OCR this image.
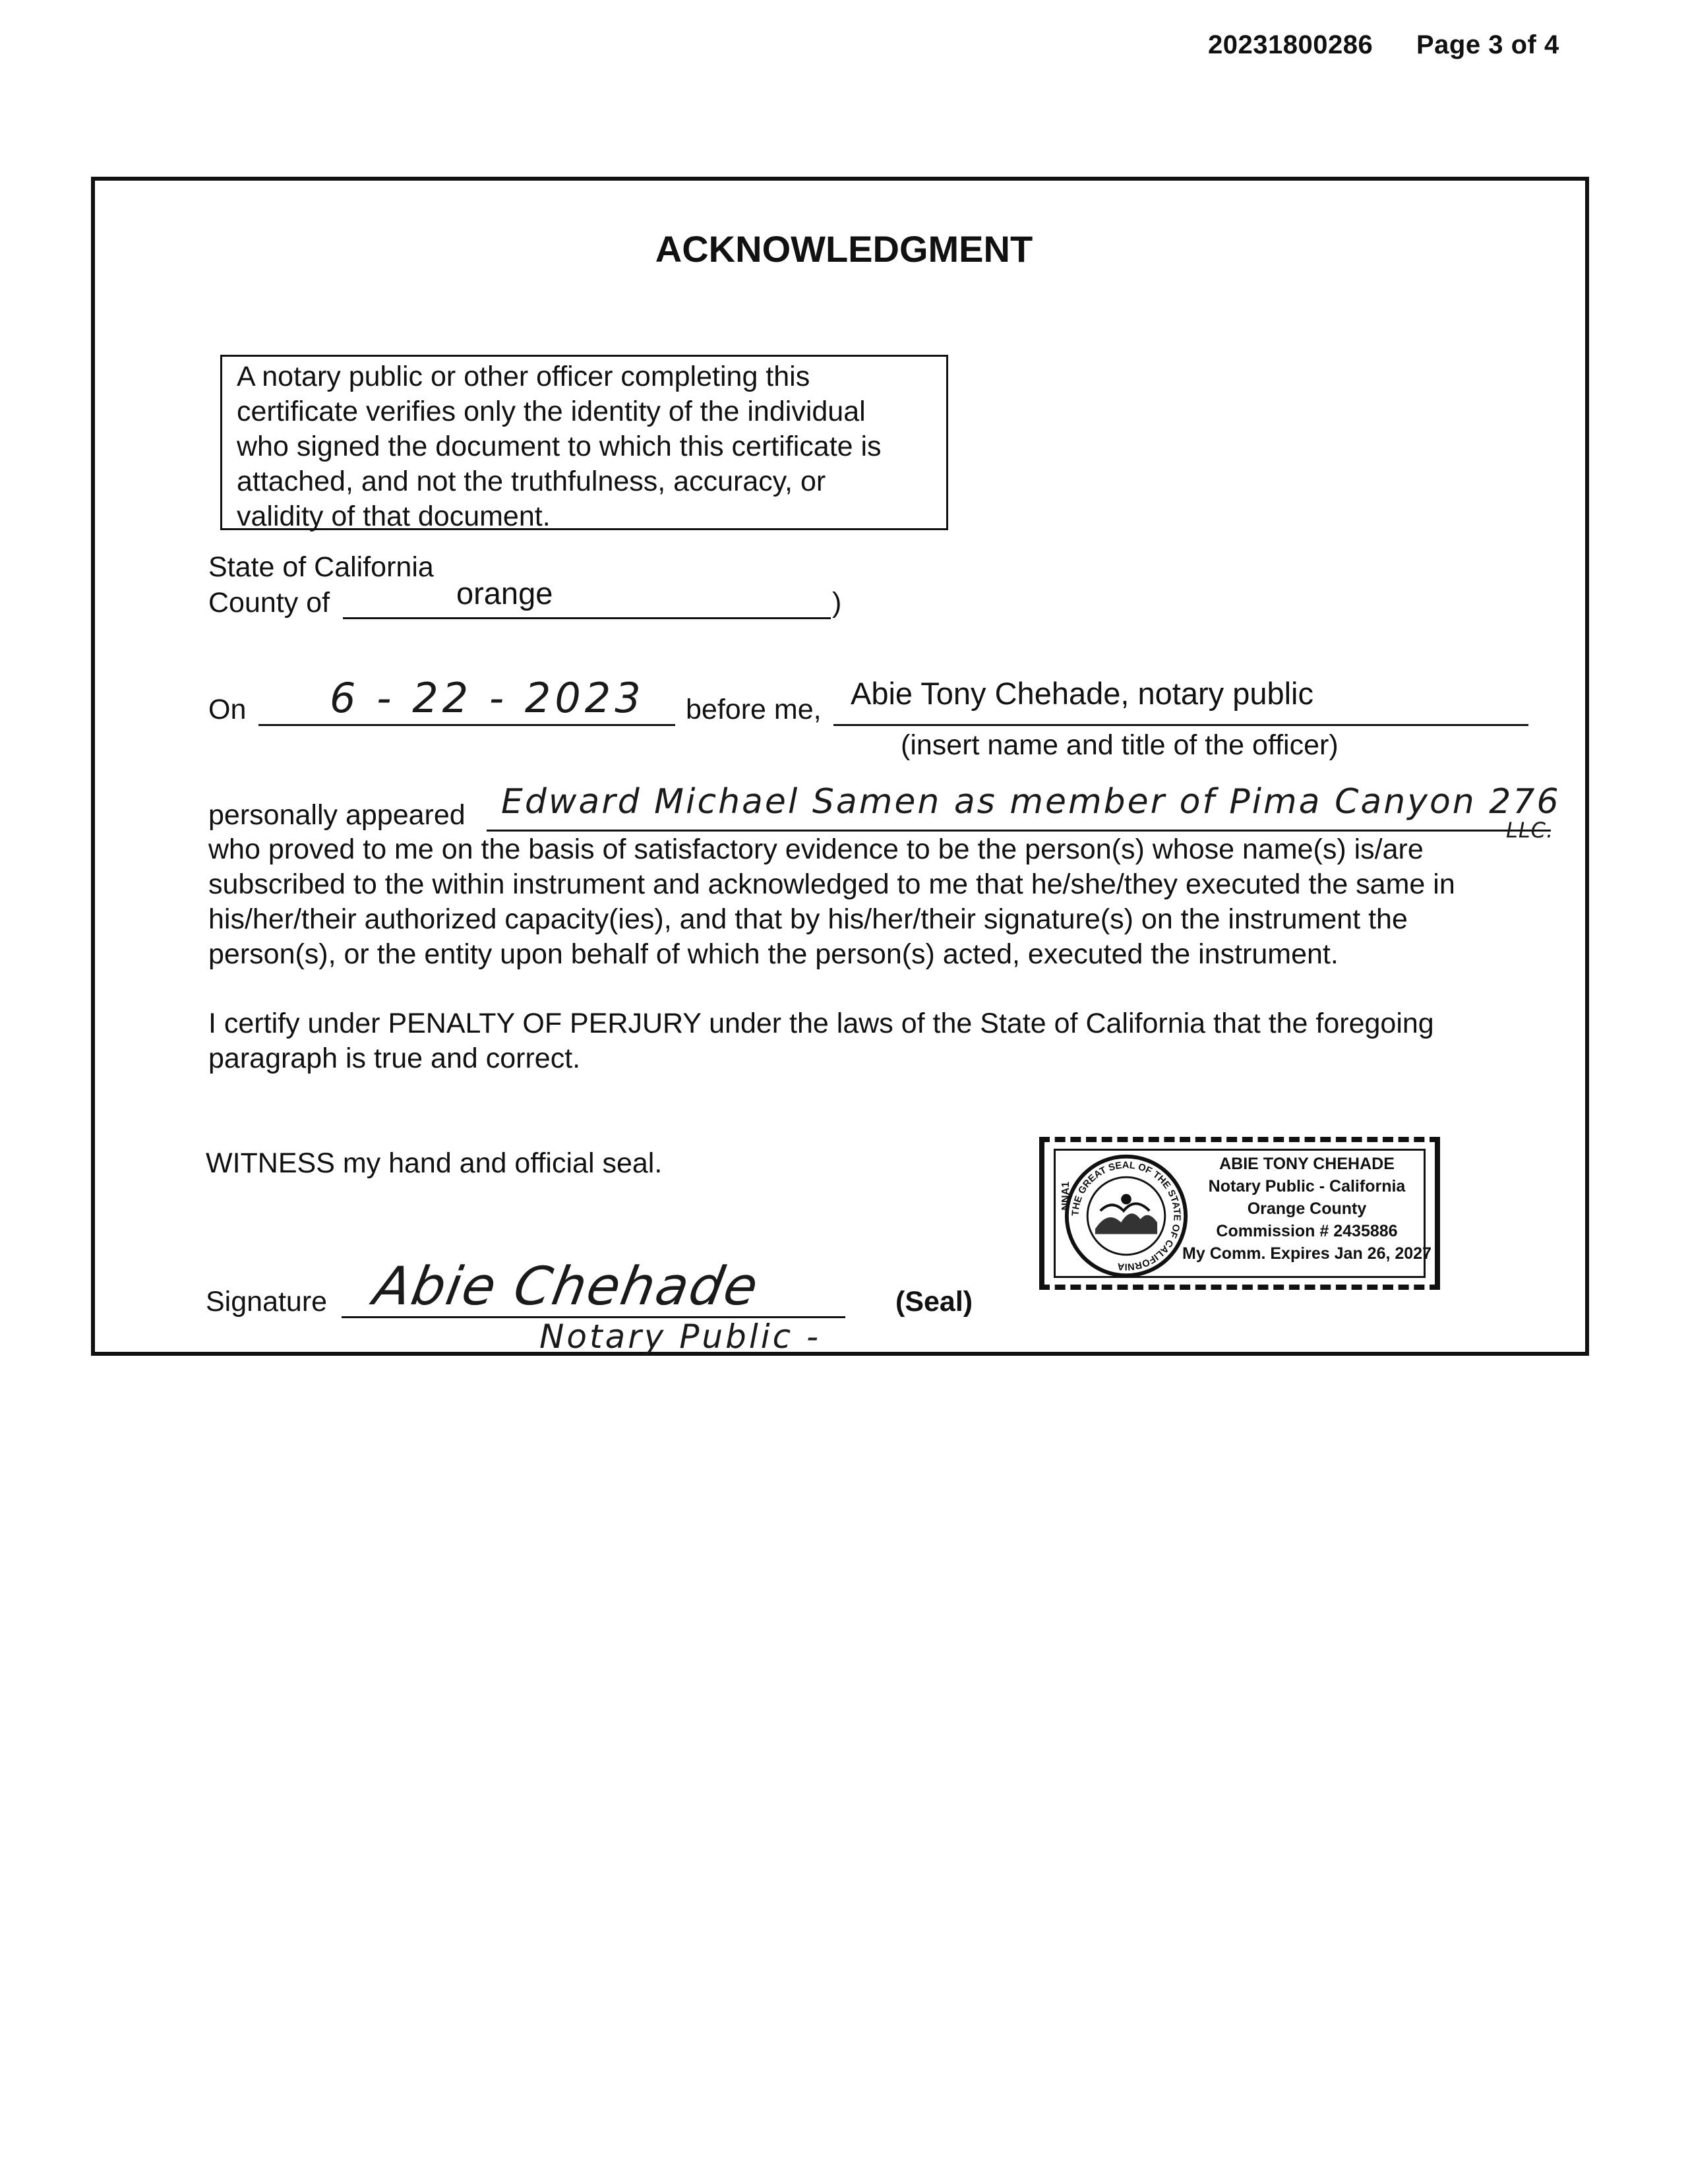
20231800286 Page 3 of 4
ACKNOWLEDGMENT
A notary public or other officer completing this
certificate verifies only the identity of the individual
who signed the document to which this certificate is
attached, and not the truthfulness, accuracy, or
validity of that document.
State of California
County of	orange	)
On 6 - 22 - 2023 before me, Abie Tony Chehade, notary public
(insert name and title of the officer)
personally appeared Edward Michael Samen as member of Pima Canyon 276
LLC.
who proved to me on the basis of satisfactory evidence to be the person(s) whose name(s) is/are
subscribed to the within instrument and acknowledged to me that he/she/they executed the same in
his/her/their authorized capacity(ies), and that by his/her/their signature(s) on the instrument the
person(s), or the entity upon behalf of which the person(s) acted, executed the instrument.
I certify under PENALTY OF PERJURY under the laws of the State of California that the foregoing
paragraph is true and correct.
WITNESS my hand and official seal.
Signature Abie Chehade
Notary Public -
(Seal)
THE GREAT SEAL OF THE STATE OF CALIFORNIA
NNA1
ABIE TONY CHEHADE
Notary Public - California
Orange County
Commission # 2435886
My Comm. Expires Jan 26, 2027
